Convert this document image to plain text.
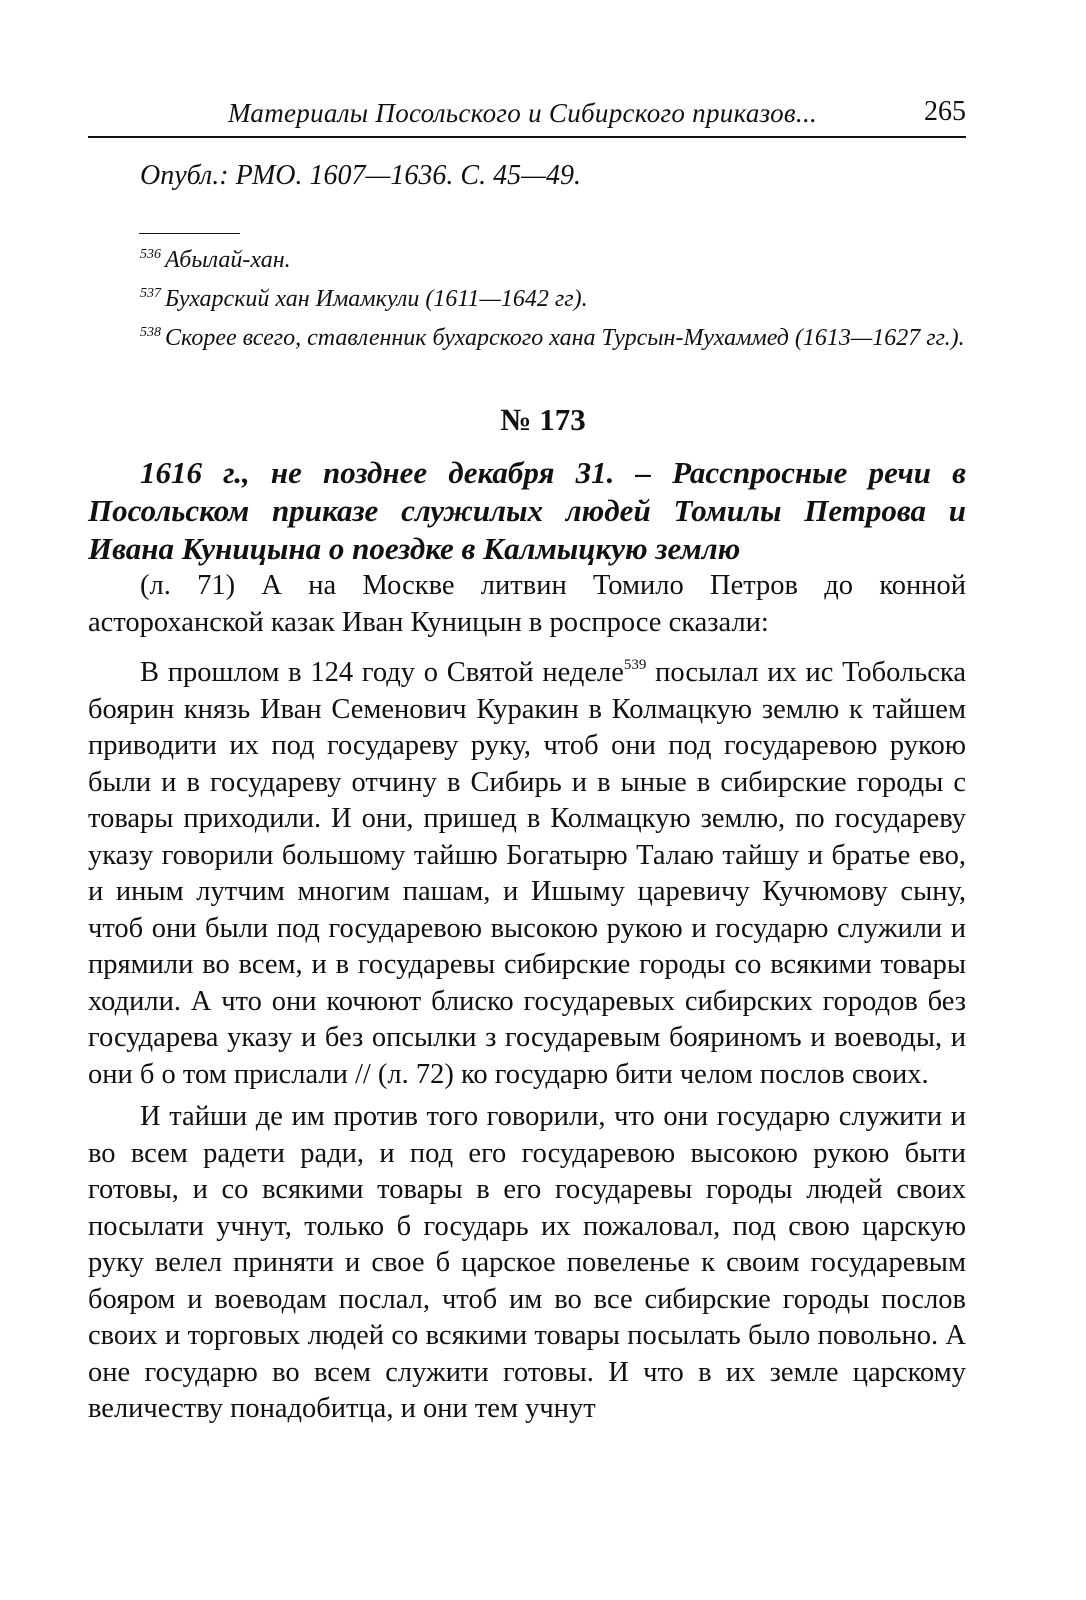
Материалы Посольского и Сибирского приказов...	265
Опубл.: РМО. 1607—1636. С. 45—49.

$^{536}$ Абылай-хан.

$^{537}$ Бухарский хан Имамкули (1611—1642 гг).

$^{538}$ Скорее всего, ставленник бухарского хана Турсын-Мухаммед (1613—1627 гг.).

№ 173

1616 г., не позднее декабря 31. – Расспросные речи в Посольском приказе служилых людей Томилы Петрова и Ивана Куницына о поездке в Калмыцкую землю

(л. 71) А на Москве литвин Томило Петров до конной астороханской казак Иван Куницын в роспросе сказали:

В прошлом в 124 году о Святой неделе$^{539}$ посылал их ис Тобольска боярин князь Иван Семенович Куракин в Колмацкую землю к тайшем приводити их под государеву руку, чтоб они под государевою рукою были и в государеву отчину в Сибирь и в ыные в сибирские городы с товары приходили. И они, пришед в Колмацкую землю, по государеву указу говорили большому тайшю Богатырю Талаю тайшу и братье ево, и иным лутчим многим пашам, и Ишыму царевичу Кучюмову сыну, чтоб они были под государевою высокою рукою и государю служили и прямили во всем, и в государевы сибирские городы со всякими товары ходили. А что они кочюют блиско государевых сибирских городов без государева указу и без опсылки з государевым бояриномъ и воеводы, и они б о том прислали // (л. 72) ко государю бити челом послов своих.

И тайши де им против того говорили, что они государю служити и во всем радети ради, и под его государевою высокою рукою быти готовы, и со всякими товары в его государевы городы людей своих посылати учнут, только б государь их пожаловал, под свою царскую руку велел приняти и свое б царское повеленье к своим государевым бояром и воеводам послал, чтоб им во все сибирские городы послов своих и торговых людей со всякими товары посылать было повольно. А оне государю во всем служити готовы. И что в их земле царскому величеству понадобитца, и они тем учнут
